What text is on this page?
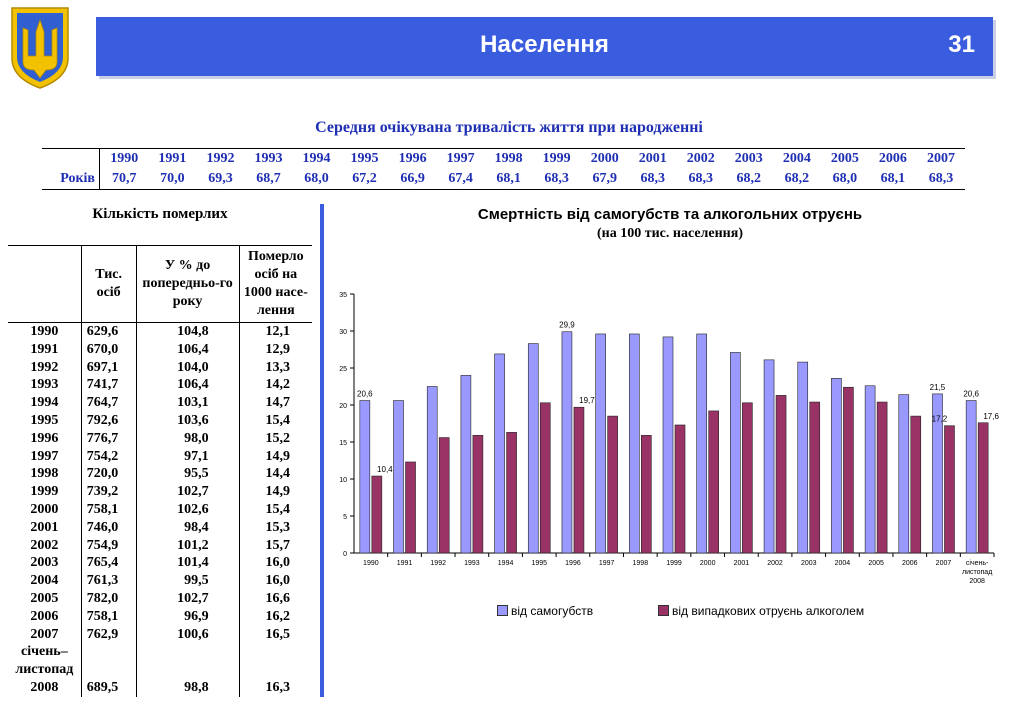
Населення	31
Середня очікувана тривалість життя при народженні
	1990	1991	1992	1993	1994	1995	1996	1997	1998	1999	2000	2001	2002	2003	2004	2005	2006	2007
Років	70,7	70,0	69,3	68,7	68,0	67,2	66,9	67,4	68,1	68,3	67,9	68,3	68,3	68,2	68,2	68,0	68,1	68,3
Кількість померлих
	Тис. осіб	У % до попередньо-го року	Померло осіб на 1000 насе-лення
1990	629,6	104,8	12,1
1991	670,0	106,4	12,9
1992	697,1	104,0	13,3
1993	741,7	106,4	14,2
1994	764,7	103,1	14,7
1995	792,6	103,6	15,4
1996	776,7	98,0	15,2
1997	754,2	97,1	14,9
1998	720,0	95,5	14,4
1999	739,2	102,7	14,9
2000	758,1	102,6	15,4
2001	746,0	98,4	15,3
2002	754,9	101,2	15,7
2003	765,4	101,4	16,0
2004	761,3	99,5	16,0
2005	782,0	102,7	16,6
2006	758,1	96,9	16,2
2007	762,9	100,6	16,5
січень–листопад 2008	689,5	98,8	16,3
Смертність від самогубств та алкогольних отруєнь
(на 100 тис. населення)
0
5
10
15
20
25
30
35
1990	1991	1992	1993	1994	1995	1996	1997	1998	1999	2000	2001	2002	2003	2004	2005	2006	2007 січень-
листопад
2008
20,6
10,4
29,9
19,7
21,5
17,2
20,6
17,6
від самогубств	від випадкових отруєнь алкоголем
